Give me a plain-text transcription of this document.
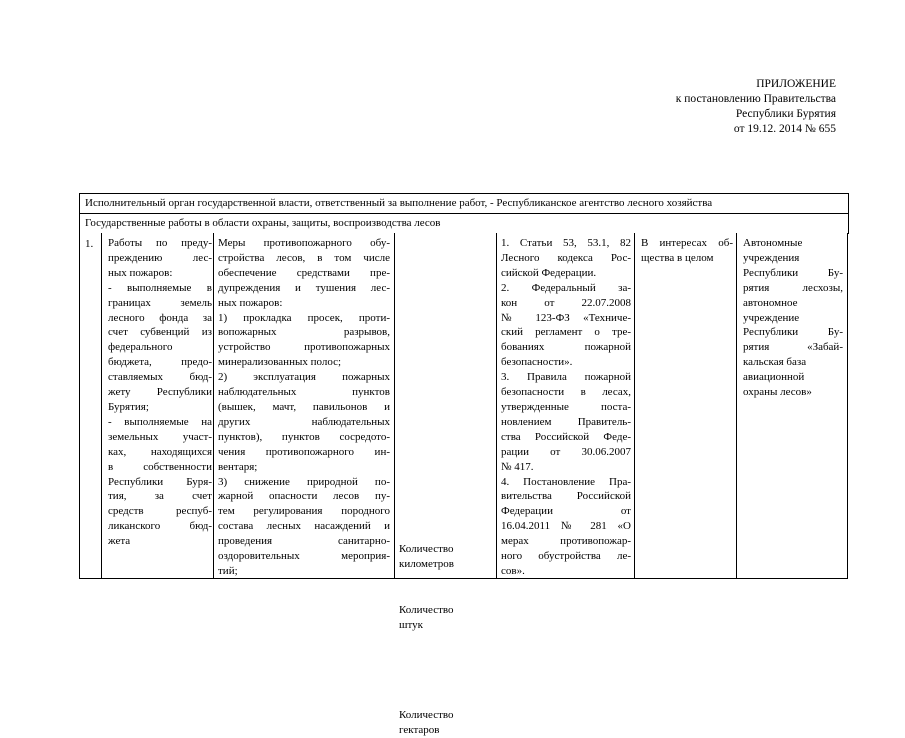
ПРИЛОЖЕНИЕ
к постановлению Правительства
Республики Бурятия
от 19.12. 2014 № 655
Исполнительный орган государственной власти, ответственный за выполнение работ, - Республиканское агентство лесного хозяйства
Государственные работы в области охраны, защиты, воспроизводства лесов
1. Работы по преду-
преждению лес-
ных пожаров:
- выполняемые в
границах земель
лесного фонда за
счет субвенций из
федерального
бюджета, предо-
ставляемых бюд-
жету Республики
Бурятия;
- выполняемые на
земельных участ-
ках, находящихся
в собственности
Республики Буря-
тия, за счет
средств респуб-
ликанского бюд-
жета
Меры противопожарного обу-
стройства лесов, в том числе
обеспечение средствами пре-
дупреждения и тушения лес-
ных пожаров:
1) прокладка просек, проти-
вопожарных разрывов,
устройство противопожарных
минерализованных полос;
2) эксплуатация пожарных
наблюдательных пунктов
(вышек, мачт, павильонов и
других наблюдательных
пунктов), пунктов сосредото-
чения противопожарного ин-
вентаря;
3) снижение природной по-
жарной опасности лесов пу-
тем регулирования породного
состава лесных насаждений и
проведения санитарно-
оздоровительных мероприя-
тий;
Количество
километров
Количество
штук
Количество
гектаров
1. Статьи 53, 53.1, 82
Лесного кодекса Рос-
сийской Федерации.
2. Федеральный за-
кон от 22.07.2008
№ 123-ФЗ «Техниче-
ский регламент о тре-
бованиях пожарной
безопасности».
3. Правила пожарной
безопасности в лесах,
утвержденные поста-
новлением Правитель-
ства Российской Феде-
рации от 30.06.2007
№ 417.
4. Постановление Пра-
вительства Российской
Федерации от
16.04.2011 № 281 «О
мерах противопожар-
ного обустройства ле-
сов».
В интересах об-
щества в целом
Автономные
учреждения
Республики Бу-
рятия лесхозы,
автономное
учреждение
Республики Бу-
рятия «Забай-
кальская база
авиационной
охраны лесов»
